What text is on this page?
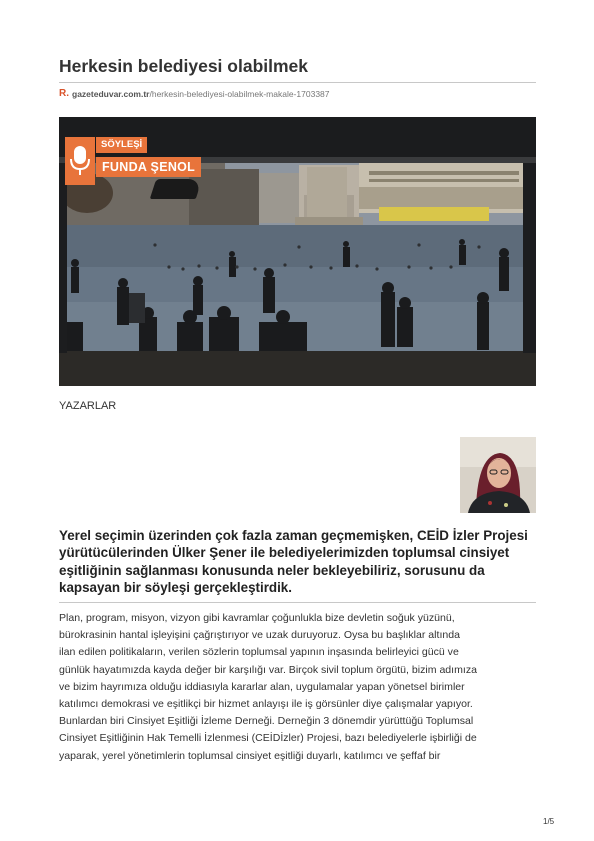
Herkesin belediyesi olabilmek
R. gazeteduvar.com.tr /herkesin-belediyesi-olabilmek-makale-1703387
SÖYLEŞİ
FUNDA ŞENOL
YAZARLAR

Yerel seçimin üzerinden çok fazla zaman geçmemişken, CEİD İzler Projesi yürütücülerinden Ülker Şener ile belediyelerimizden toplumsal cinsiyet eşitliğinin sağlanması konusunda neler bekleyebiliriz, sorusunu da kapsayan bir söyleşi gerçekleştirdik.

Plan, program, misyon, vizyon gibi kavramlar çoğunlukla bize devletin soğuk yüzünü,
bürokrasinin hantal işleyişini çağrıştırıyor ve uzak duruyoruz. Oysa bu başlıklar altında
ilan edilen politikaların, verilen sözlerin toplumsal yapının inşasında belirleyici gücü ve
günlük hayatımızda kayda değer bir karşılığı var. Birçok sivil toplum örgütü, bizim adımıza
ve bizim hayrımıza olduğu iddiasıyla kararlar alan, uygulamalar yapan yönetsel birimler
katılımcı demokrasi ve eşitlikçi bir hizmet anlayışı ile iş görsünler diye çalışmalar yapıyor.
Bunlardan biri Cinsiyet Eşitliği İzleme Derneği. Derneğin 3 dönemdir yürüttüğü Toplumsal
Cinsiyet Eşitliğinin Hak Temelli İzlenmesi (CEİDİzler) Projesi, bazı belediyelerle işbirliği de
yaparak, yerel yönetimlerin toplumsal cinsiyet eşitliği duyarlı, katılımcı ve şeffaf bir
1/5
